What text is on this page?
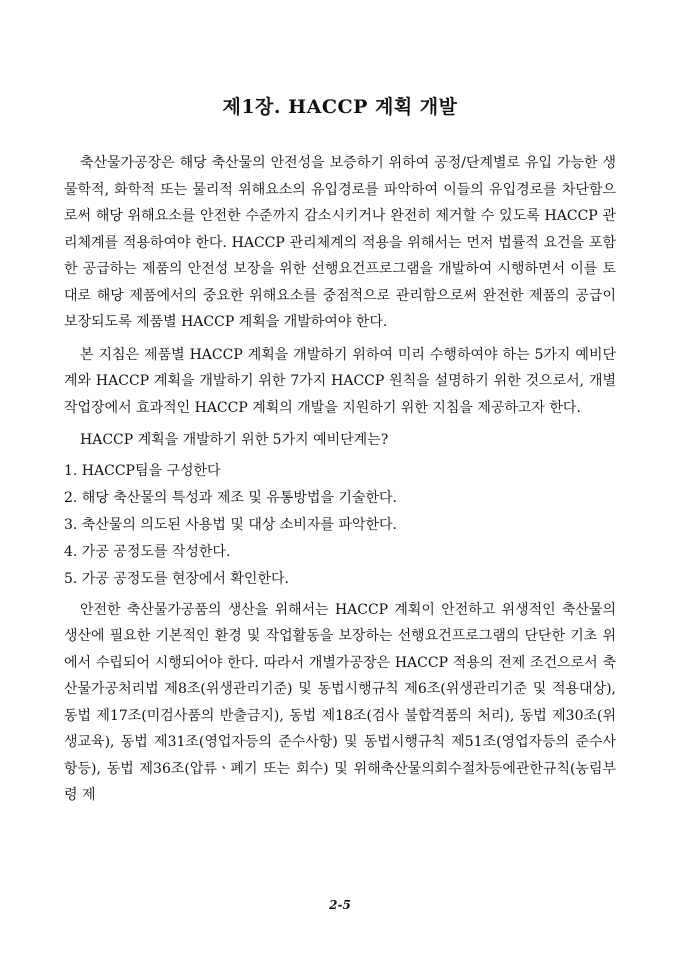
제1장. HACCP 계획 개발

축산물가공장은 해당 축산물의 안전성을 보증하기 위하여 공정/단계별로 유입 가능한 생물학적, 화학적 또는 물리적 위해요소의 유입경로를 파악하여 이들의 유입경로를 차단함으로써 해당 위해요소를 안전한 수준까지 감소시키거나 완전히 제거할 수 있도록 HACCP 관리체계를 적용하여야 한다. HACCP 관리체계의 적용을 위해서는 먼저 법률적 요건을 포함한 공급하는 제품의 안전성 보장을 위한 선행요건프로그램을 개발하여 시행하면서 이를 토대로 해당 제품에서의 중요한 위해요소를 중점적으로 관리함으로써 완전한 제품의 공급이 보장되도록 제품별 HACCP 계획을 개발하여야 한다.

본 지침은 제품별 HACCP 계획을 개발하기 위하여 미리 수행하여야 하는 5가지 예비단계와 HACCP 계획을 개발하기 위한 7가지 HACCP 원칙을 설명하기 위한 것으로서, 개별 작업장에서 효과적인 HACCP 계획의 개발을 지원하기 위한 지침을 제공하고자 한다.

HACCP 계획을 개발하기 위한 5가지 예비단계는?

1. HACCP팀을 구성한다
2. 해당 축산물의 특성과 제조 및 유통방법을 기술한다.
3. 축산물의 의도된 사용법 및 대상 소비자를 파악한다.
4. 가공 공정도를 작성한다.
5. 가공 공정도를 현장에서 확인한다.

안전한 축산물가공품의 생산을 위해서는 HACCP 계획이 안전하고 위생적인 축산물의 생산에 필요한 기본적인 환경 및 작업활동을 보장하는 선행요건프로그램의 단단한 기초 위에서 수립되어 시행되어야 한다. 따라서 개별가공장은 HACCP 적용의 전제 조건으로서 축산물가공처리법 제8조(위생관리기준) 및 동법시행규칙 제6조(위생관리기준 및 적용대상), 동법 제17조(미검사품의 반출금지), 동법 제18조(검사 불합격품의 처리), 동법 제30조(위생교육), 동법 제31조(영업자등의 준수사항) 및 동법시행규칙 제51조(영업자등의 준수사항등), 동법 제36조(압류ㆍ폐기 또는 회수) 및 위해축산물의회수절차등에관한규칙(농림부령 제

2-5
